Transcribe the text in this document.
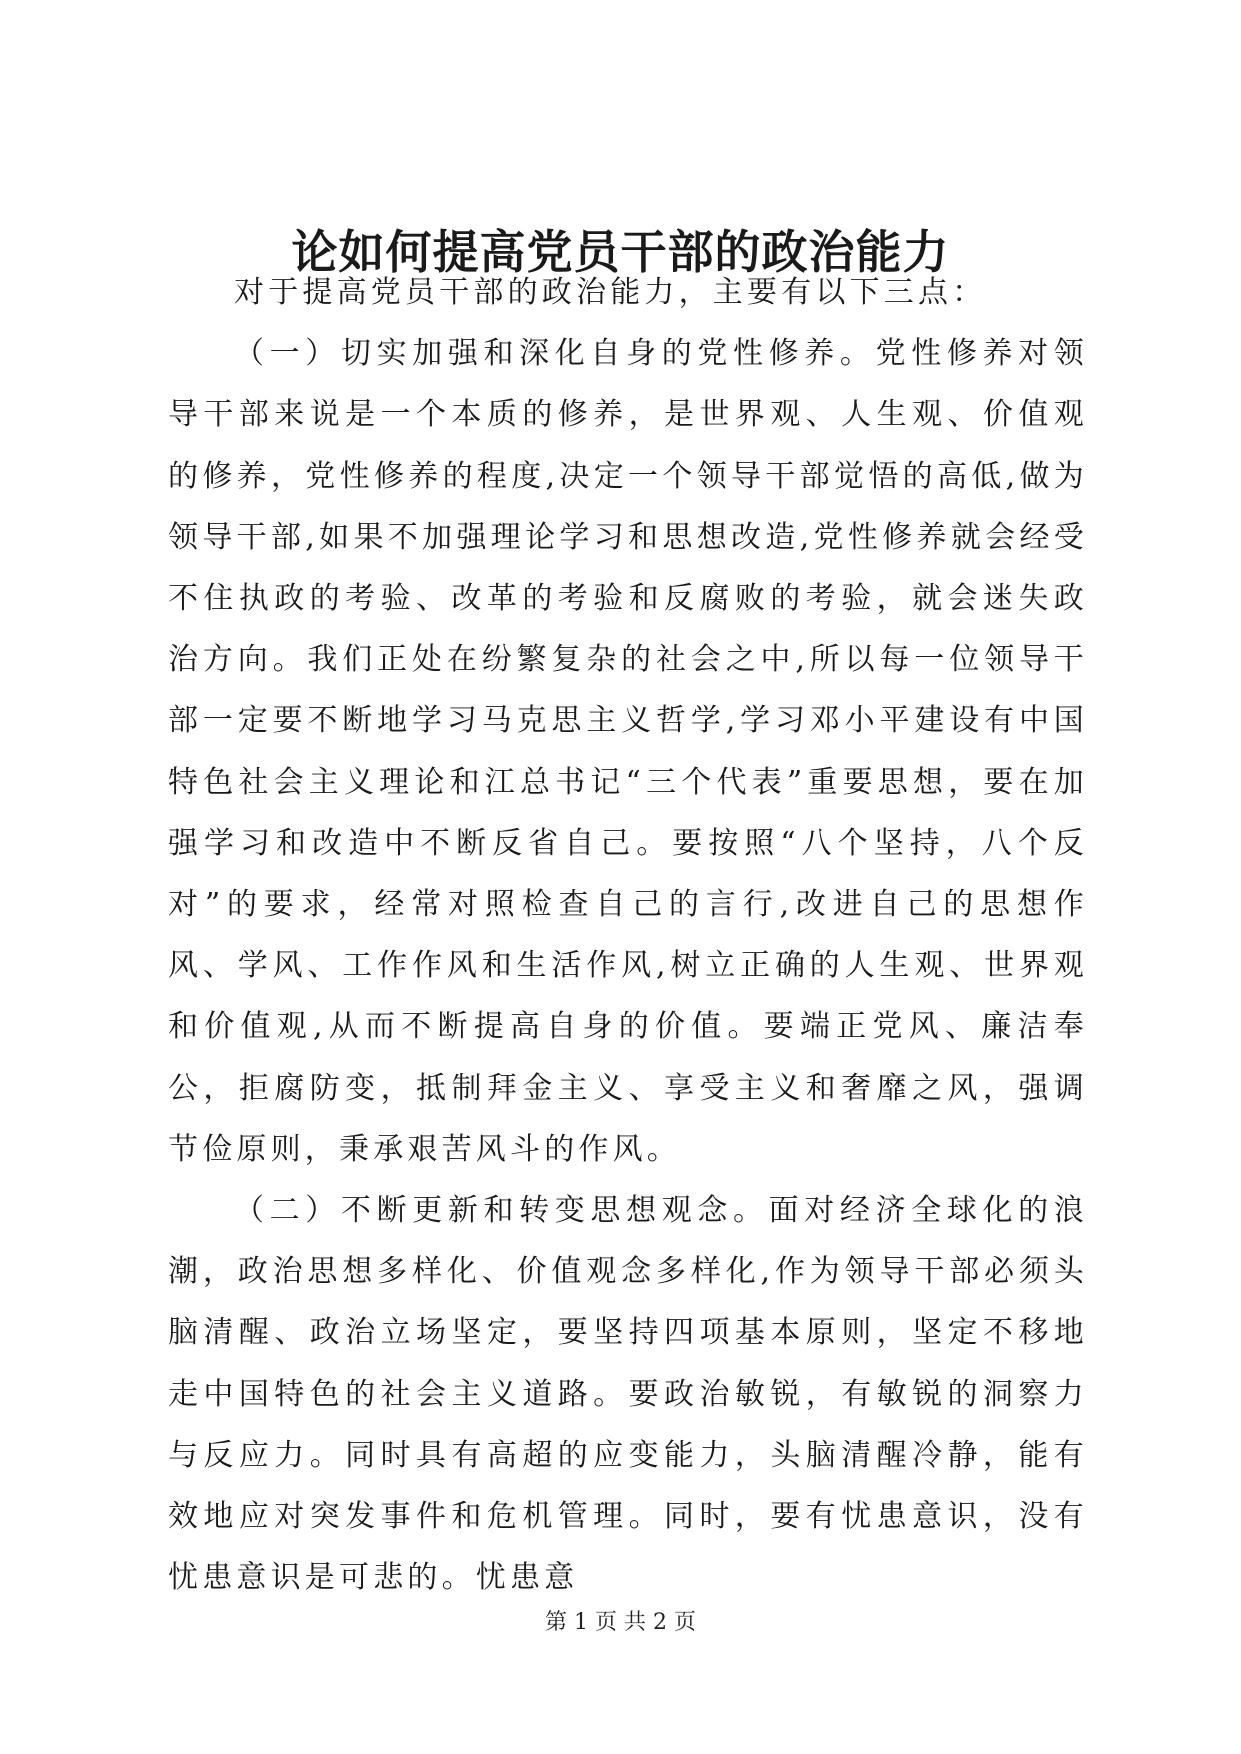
论如何提高党员干部的政治能力

对于提高党员干部的政治能力，主要有以下三点：

（一）切实加强和深化自身的党性修养。党性修养对领导干部来说是一个本质的修养，是世界观、人生观、价值观的修养，党性修养的程度,决定一个领导干部觉悟的高低,做为领导干部,如果不加强理论学习和思想改造,党性修养就会经受不住执政的考验、改革的考验和反腐败的考验，就会迷失政治方向。我们正处在纷繁复杂的社会之中,所以每一位领导干部一定要不断地学习马克思主义哲学,学习邓小平建设有中国特色社会主义理论和江总书记“三个代表”重要思想，要在加强学习和改造中不断反省自己。要按照“八个坚持，八个反对”的要求，经常对照检查自己的言行,改进自己的思想作风、学风、工作作风和生活作风,树立正确的人生观、世界观和价值观,从而不断提高自身的价值。要端正党风、廉洁奉公，拒腐防变，抵制拜金主义、享受主义和奢靡之风，强调节俭原则，秉承艰苦风斗的作风。

（二）不断更新和转变思想观念。面对经济全球化的浪潮，政治思想多样化、价值观念多样化,作为领导干部必须头脑清醒、政治立场坚定，要坚持四项基本原则，坚定不移地走中国特色的社会主义道路。要政治敏锐，有敏锐的洞察力与反应力。同时具有高超的应变能力，头脑清醒冷静，能有效地应对突发事件和危机管理。同时，要有忧患意识，没有忧患意识是可悲的。忧患意

第 1 页 共 2 页
